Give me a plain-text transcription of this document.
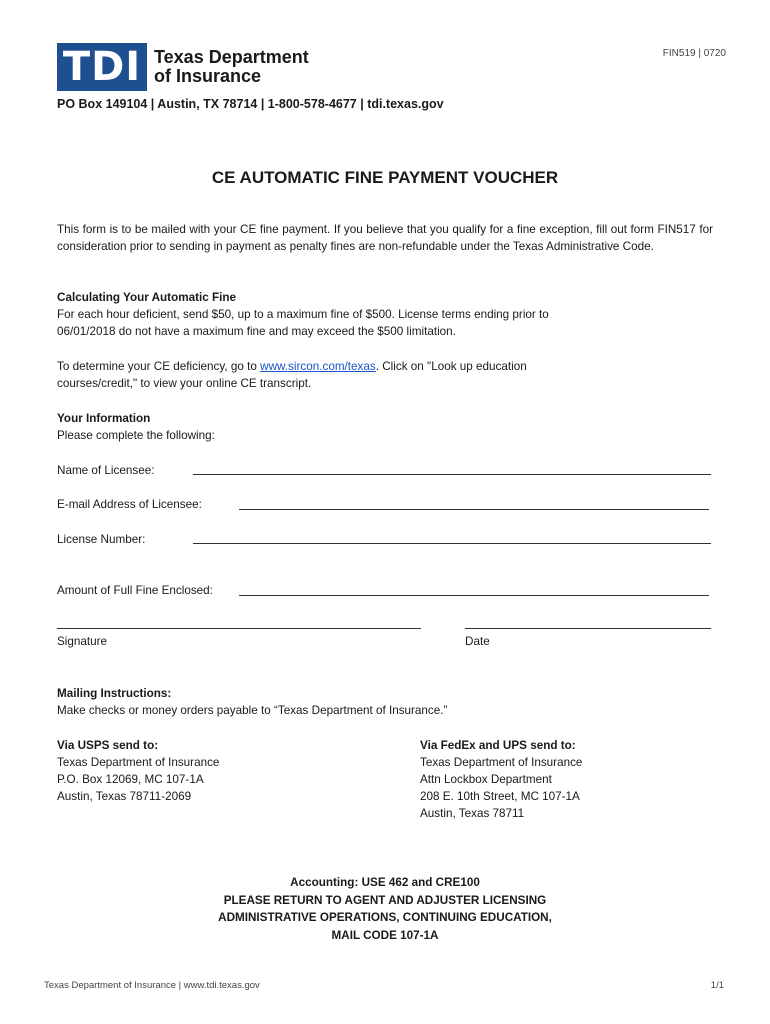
TDI Texas Department
of Insurance
FIN519 | 0720
PO Box 149104 | Austin, TX 78714 | 1-800-578-4677 | tdi.texas.gov
CE AUTOMATIC FINE PAYMENT VOUCHER
This form is to be mailed with your CE fine payment. If you believe that you qualify for a fine exception, fill out form FIN517 for consideration prior to sending in payment as penalty fines are non-refundable under the Texas Administrative Code.
Calculating Your Automatic Fine
For each hour deficient, send $50, up to a maximum fine of $500. License terms ending prior to
06/01/2018 do not have a maximum fine and may exceed the $500 limitation.
To determine your CE deficiency, go to www.sircon.com/texas. Click on "Look up education
courses/credit," to view your online CE transcript.
Your Information
Please complete the following:
Name of Licensee:
E-mail Address of Licensee:
License Number:
Amount of Full Fine Enclosed:
Signature	Date
Mailing Instructions:
Make checks or money orders payable to “Texas Department of Insurance.”
Via USPS send to:
Texas Department of Insurance
P.O. Box 12069, MC 107-1A
Austin, Texas 78711-2069
Via FedEx and UPS send to:
Texas Department of Insurance
Attn Lockbox Department
208 E. 10th Street, MC 107-1A
Austin, Texas 78711
Accounting: USE 462 and CRE100
PLEASE RETURN TO AGENT AND ADJUSTER LICENSING
ADMINISTRATIVE OPERATIONS, CONTINUING EDUCATION,
MAIL CODE 107-1A
Texas Department of Insurance | www.tdi.texas.gov	1/1
